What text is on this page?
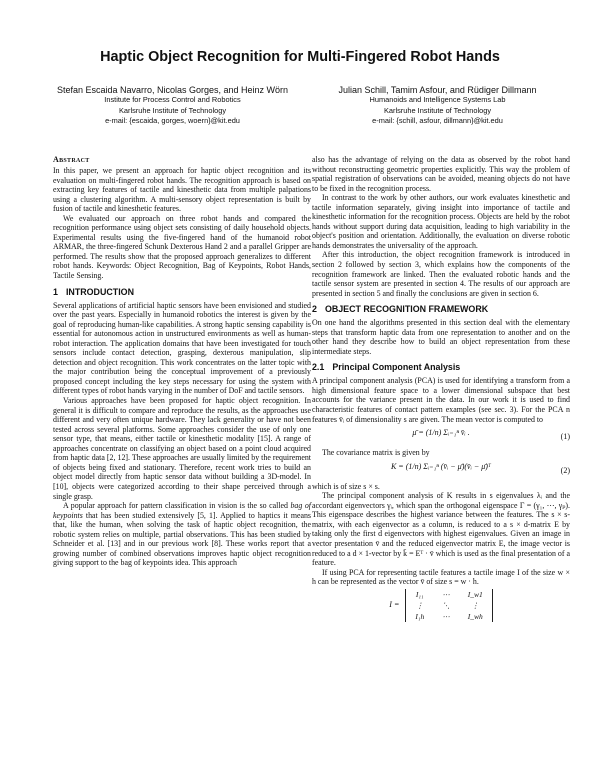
Haptic Object Recognition for Multi-Fingered Robot Hands
Stefan Escaida Navarro, Nicolas Gorges, and Heinz Wörn
Institute for Process Control and Robotics
Karlsruhe Institute of Technology
e-mail: {escaida, gorges, woern}@kit.edu
Julian Schill, Tamim Asfour, and Rüdiger Dillmann
Humanoids and Intelligence Systems Lab
Karlsruhe Institute of Technology
e-mail: {schill, asfour, dillmann}@kit.edu
Abstract

In this paper, we present an approach for haptic object recognition and its evaluation on multi-fingered robot hands. The recognition approach is based on extracting key features of tactile and kinesthetic data from multiple palpations using a clustering algorithm. A multi-sensory object representation is built by fusion of tactile and kinesthetic features.

We evaluated our approach on three robot hands and compared the recognition performance using object sets consisting of daily household objects. Experimental results using the five-fingered hand of the humanoid robot ARMAR, the three-fingered Schunk Dexterous Hand 2 and a parallel Gripper are performed. The results show that the proposed approach generalizes to different robot hands. Keywords: Object Recognition, Bag of Keypoints, Robot Hands, Tactile Sensing.

1 INTRODUCTION

Several applications of artificial haptic sensors have been envisioned and studied over the past years. Especially in humanoid robotics the interest is given by the goal of reproducing human-like capabilities. A strong haptic sensing capability is essential for autonomous action in unstructured environments as well as human-robot interaction. The application domains that have been investigated for touch sensors include contact detection, grasping, dexterous manipulation, slip detection and object recognition. This work concentrates on the latter topic with the major contribution being the conceptual improvement of a previously proposed concept including the key steps necessary for using the system with different types of robot hands varying in the number of DoF and tactile sensors.

Various approaches have been proposed for haptic object recognition. In general it is difficult to compare and reproduce the results, as the approaches use different and very often unique hardware. They lack generality or have not been tested across several platforms. Some approaches consider the use of only one sensor type, that means, either tactile or kinesthetic modality [15]. A range of approaches concentrate on classifying an object based on a point cloud acquired from haptic data [2, 12]. These approaches are usually limited by the requirement of objects being fixed and stationary. Therefore, recent work tries to build an object model directly from haptic sensor data without building a 3D-model. In [10], objects were categorized according to their shape perceived through a single grasp.

A popular approach for pattern classification in vision is the so called bag of keypoints that has been studied extensively [5, 1]. Applied to haptics it means that, like the human, when solving the task of haptic object recognition, the robotic system relies on multiple, partial observations. This has been studied by Schneider et al. [13] and in our previous work [8]. These works report that a growing number of combined observations improves haptic object recognition giving support to the bag of keypoints idea. This approach

also has the advantage of relying on the data as observed by the robot hand without reconstructing geometric properties explicitly. This way the problem of spatial registration of observations can be avoided, meaning objects do not have to be fixed in the recognition process.

In contrast to the work by other authors, our work evaluates kinesthetic and tactile information separately, giving insight into importance of tactile and kinesthetic information for the recognition process. Objects are held by the robot hands without support during data acquisition, leading to high variability in the object's position and orientation. Additionally, the evaluation on diverse robotic hands demonstrates the universality of the approach.

After this introduction, the object recognition framework is introduced in section 2 followed by section 3, which explains how the components of the recognition framework are linked. Then the evaluated robotic hands and the tactile sensor system are presented in section 4. The results of our approach are presented in section 5 and finally the conclusions are given in section 6.

2 OBJECT RECOGNITION FRAMEWORK

On one hand the algorithms presented in this section deal with the elementary steps that transform haptic data from one representation to another and on the other hand they describe how to build an object representation from these intermediate steps.

2.1 Principal Component Analysis

A principal component analysis (PCA) is used for identifying a transform from a high dimensional feature space to a lower dimensional subspace that best accounts for the variance present in the data. In our work it is used to find characteristic features of contact pattern examples (see sec. 3). For the PCA n features v̄ᵢ of dimensionality s are given. The mean vector is computed to

μ̄ = (1/n) Σᵢ₌₁ⁿ v̄ᵢ .	(1)

The covariance matrix is given by

K = (1/n) Σᵢ₌₁ⁿ (v̄ᵢ − μ̄)(v̄ᵢ − μ̄)ᵀ	(2)

which is of size s × s.

The principal component analysis of K results in s eigenvalues λᵢ and the accordant eigenvectors γᵢ, which span the orthogonal eigenspace Γ = (γ₁, ⋯, γₚ). This eigenspace describes the highest variance between the features. The s × s-matrix, with each eigenvector as a column, is reduced to a s × d-matrix E by taking only the first d eigenvectors with highest eigenvalues. Given an image in vector presentation v̄ and the reduced eigenvector matrix E, the image vector is reduced to a d × 1-vector by k̄ = Eᵀ · v̄ which is used as the final presentation of a feature.

If using PCA for representing tactile features a tactile image I of the size w × h can be represented as the vector v̄ of size s = w · h.

I = I₁₁	⋯	I_w1
⋮	⋱	⋮
I₁h	⋯	I_wh
